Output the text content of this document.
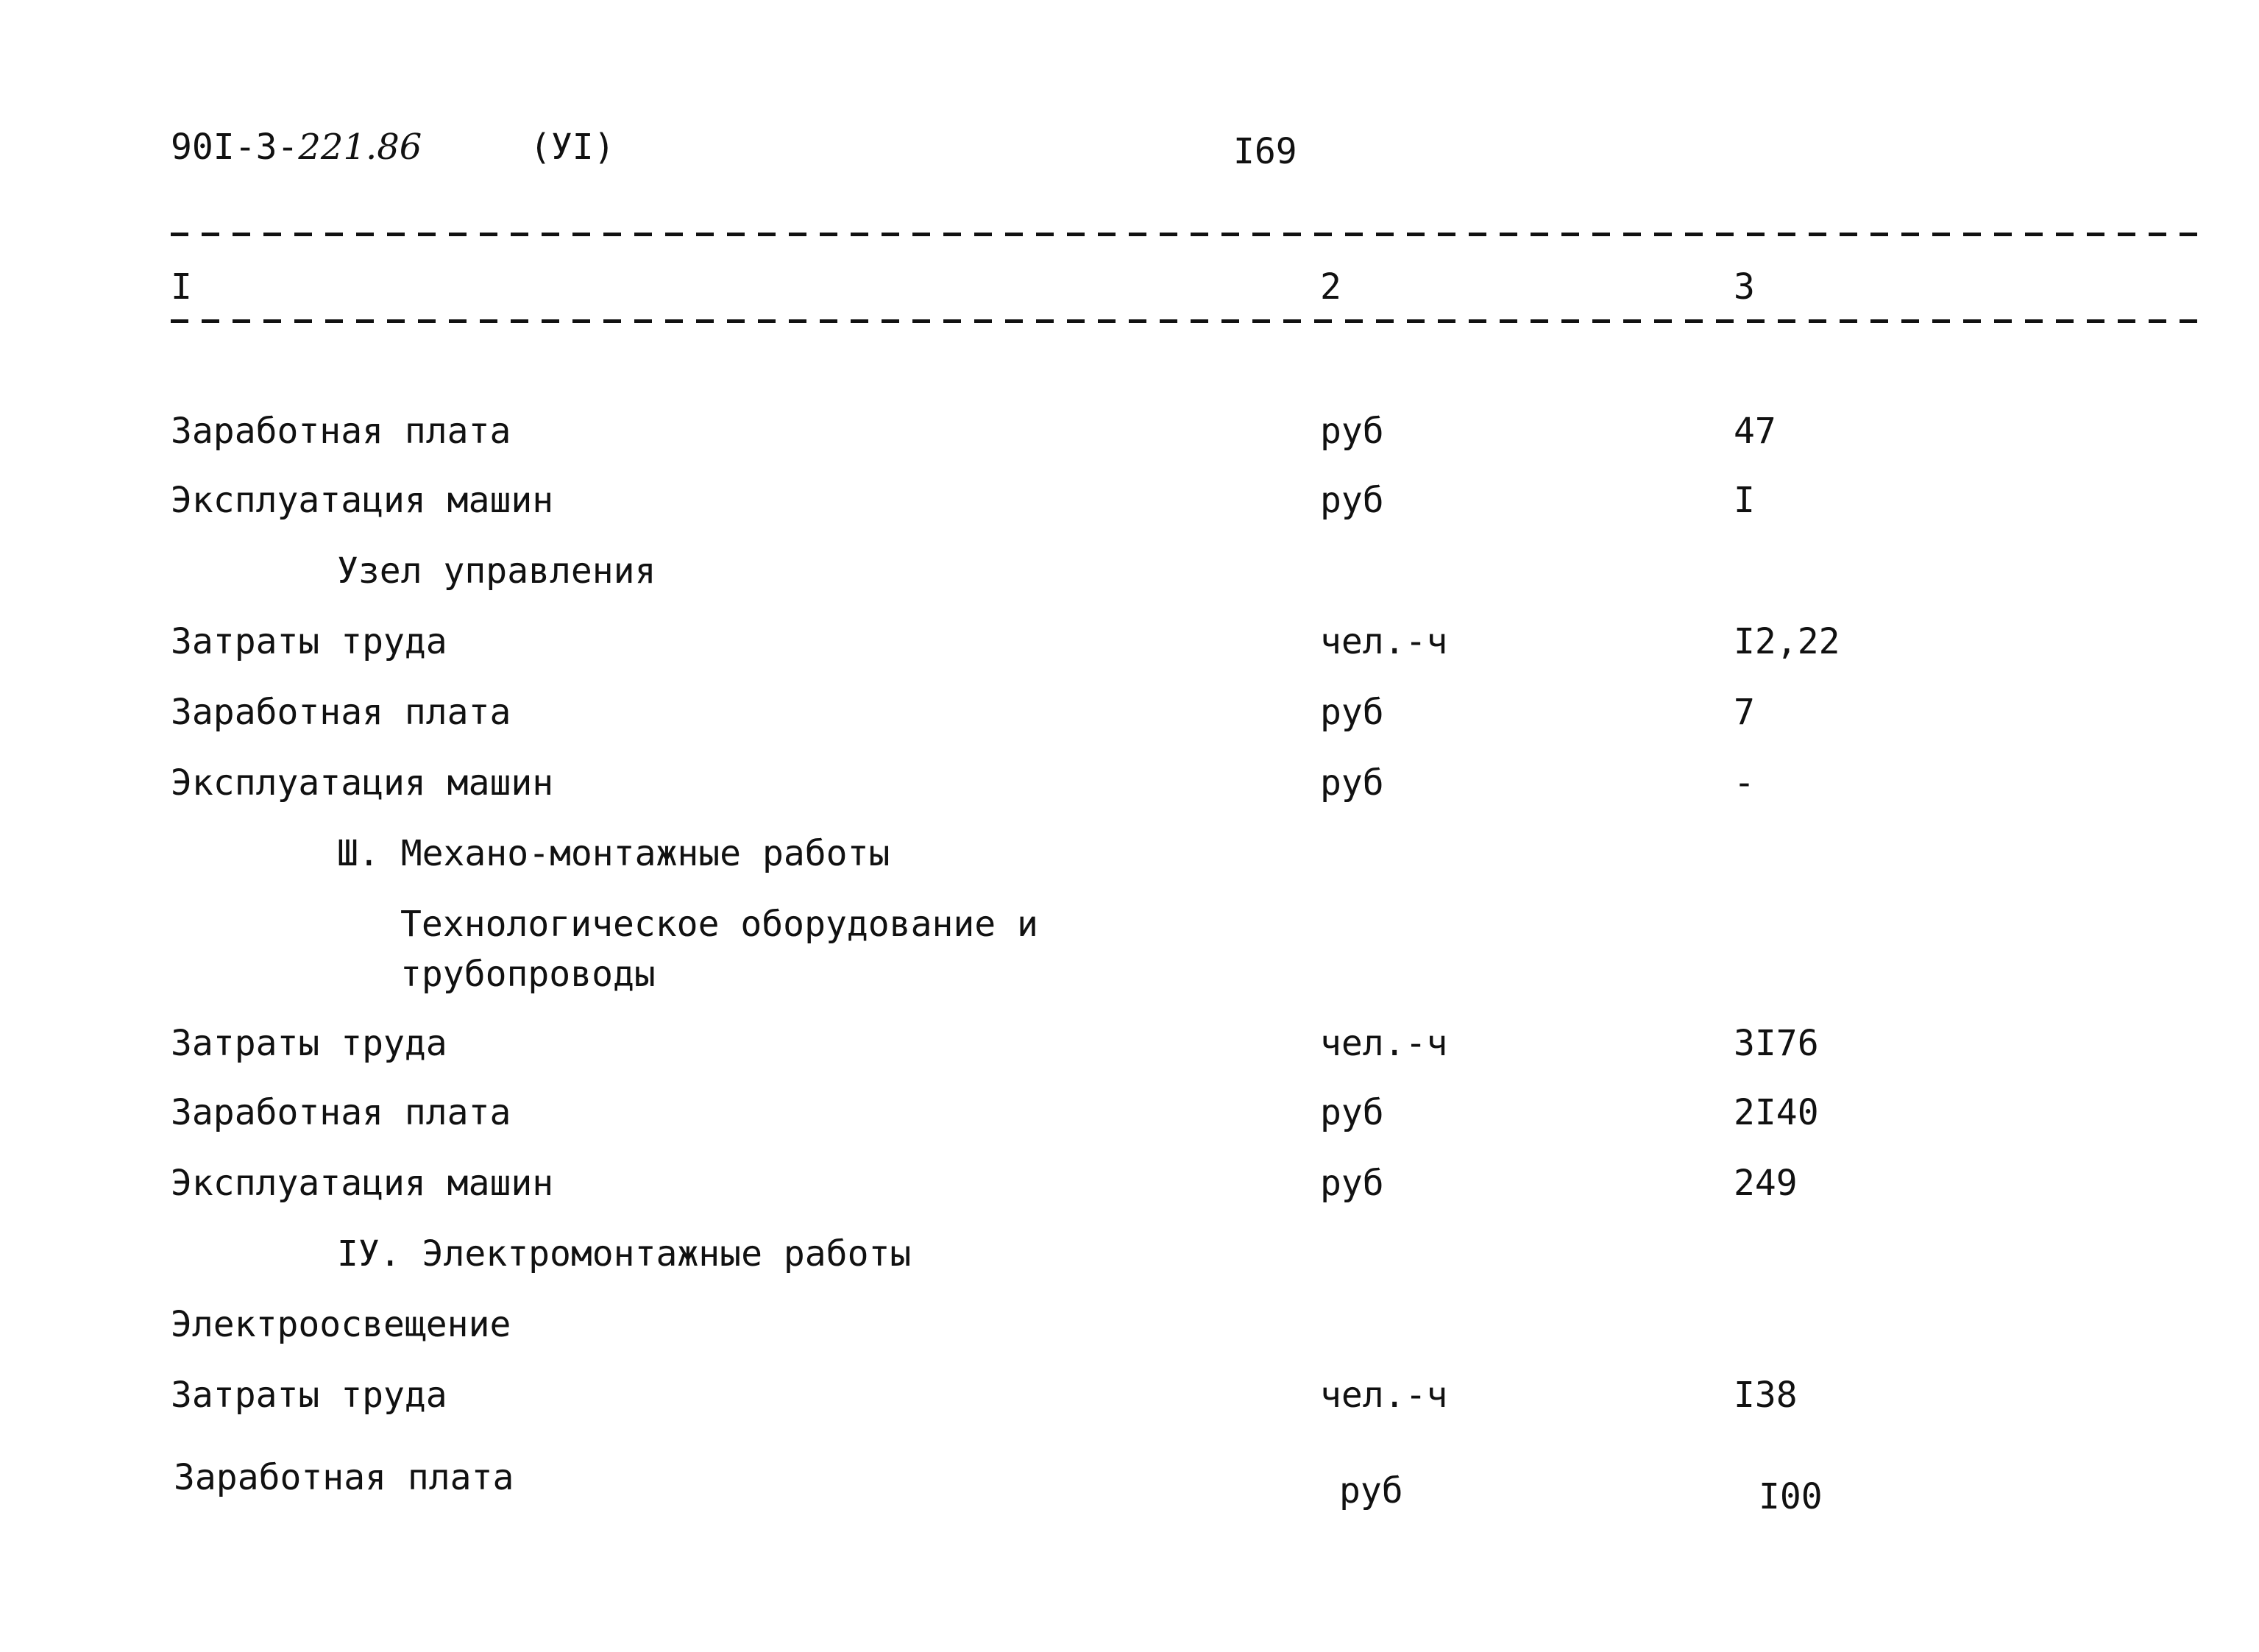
90I-3-221.86	(УI)	I69
I	2	3
Заработная плата	руб	47
Эксплуатация машин	руб	I
Узел управления
Затраты труда	чел.-ч	I2,22
Заработная плата	руб	7
Эксплуатация машин	руб	-
Ш. Механо-монтажные работы
Технологическое оборудование и
трубопроводы
Затраты труда	чел.-ч	3I76
Заработная плата	руб	2I40
Эксплуатация машин	руб	249
IУ. Электромонтажные работы
Электроосвещение
Затраты труда	чел.-ч	I38
Заработная плата	руб	I00
